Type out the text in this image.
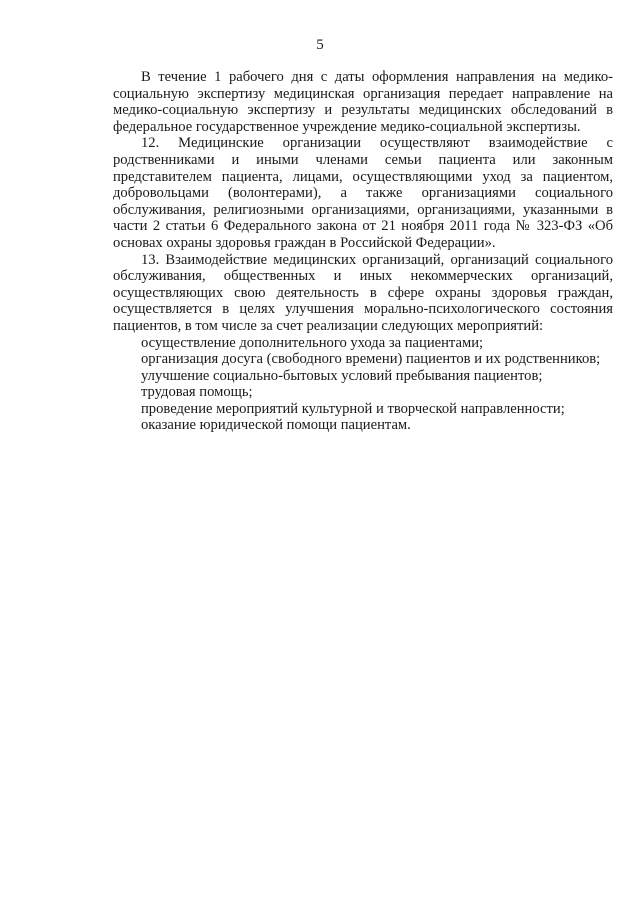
5

В течение 1 рабочего дня с даты оформления направления на медико-социальную экспертизу медицинская организация передает направление на медико-социальную экспертизу и результаты медицинских обследований в федеральное государственное учреждение медико-социальной экспертизы.

12. Медицинские организации осуществляют взаимодействие с родственниками и иными членами семьи пациента или законным представителем пациента, лицами, осуществляющими уход за пациентом, добровольцами (волонтерами), а также организациями социального обслуживания, религиозными организациями, организациями, указанными в части 2 статьи 6 Федерального закона от 21 ноября 2011 года № 323-ФЗ «Об основах охраны здоровья граждан в Российской Федерации».

13. Взаимодействие медицинских организаций, организаций социального обслуживания, общественных и иных некоммерческих организаций, осуществляющих свою деятельность в сфере охраны здоровья граждан, осуществляется в целях улучшения морально-психологического состояния пациентов, в том числе за счет реализации следующих мероприятий:

осуществление дополнительного ухода за пациентами;

организация досуга (свободного времени) пациентов и их родственников;

улучшение социально-бытовых условий пребывания пациентов;

трудовая помощь;

проведение мероприятий культурной и творческой направленности;

оказание юридической помощи пациентам.
